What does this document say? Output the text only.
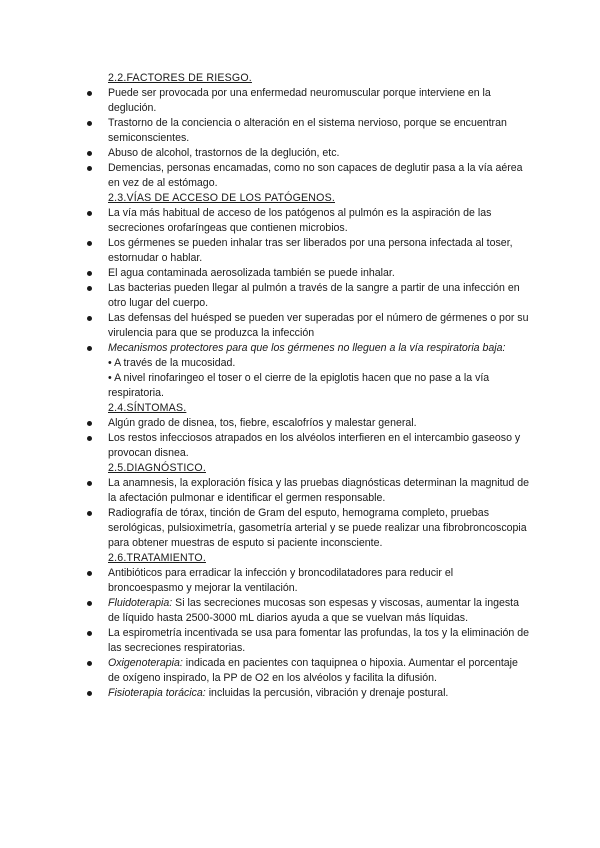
2.2.FACTORES DE RIESGO.
Puede ser provocada por una enfermedad neuromuscular porque interviene en la deglución.
Trastorno de la conciencia o alteración en el sistema nervioso, porque se encuentran semiconscientes.
Abuso de alcohol, trastornos de la deglución, etc.
Demencias, personas encamadas, como no son capaces de deglutir pasa a la vía aérea en vez de al estómago.
2.3.VÍAS DE ACCESO DE LOS PATÓGENOS.
La vía más habitual de acceso de los patógenos al pulmón es la aspiración de las secreciones orofaríngeas que contienen microbios.
Los gérmenes se pueden inhalar tras ser liberados por una persona infectada al toser, estornudar o hablar.
El agua contaminada aerosolizada también se puede inhalar.
Las bacterias pueden llegar al pulmón a través de la sangre a partir de una infección en otro lugar del cuerpo.
Las defensas del huésped se pueden ver superadas por el número de gérmenes o por su virulencia para que se produzca la infección
Mecanismos protectores para que los gérmenes no lleguen a la vía respiratoria baja:
• A través de la mucosidad.
• A nivel rinofaringeo el toser o el cierre de la epiglotis hacen que no pase a la vía respiratoria.
2.4.SÍNTOMAS.
Algún grado de disnea, tos, fiebre, escalofríos y malestar general.
Los restos infecciosos atrapados en los alvéolos interfieren en el intercambio gaseoso y provocan disnea.
2.5.DIAGNÓSTICO.
La anamnesis, la exploración física y las pruebas diagnósticas determinan la magnitud de la afectación pulmonar e identificar el germen responsable.
Radiografía de tórax, tinción de Gram del esputo, hemograma completo, pruebas serológicas, pulsioximetría, gasometría arterial y se puede realizar una fibrobroncoscopia para obtener muestras de esputo si paciente inconsciente.
2.6.TRATAMIENTO.
Antibióticos para erradicar la infección y broncodilatadores para reducir el broncoespasmo y mejorar la ventilación.
Fluidoterapia: Si las secreciones mucosas son espesas y viscosas, aumentar la ingesta de líquido hasta 2500-3000 mL diarios ayuda a que se vuelvan más líquidas.
La espirometría incentivada se usa para fomentar las profundas, la tos y la eliminación de las secreciones respiratorias.
Oxigenoterapia: indicada en pacientes con taquipnea o hipoxia. Aumentar el porcentaje de oxígeno inspirado, la PP de O2 en los alvéolos y facilita la difusión.
Fisioterapia torácica: incluidas la percusión, vibración y drenaje postural.
